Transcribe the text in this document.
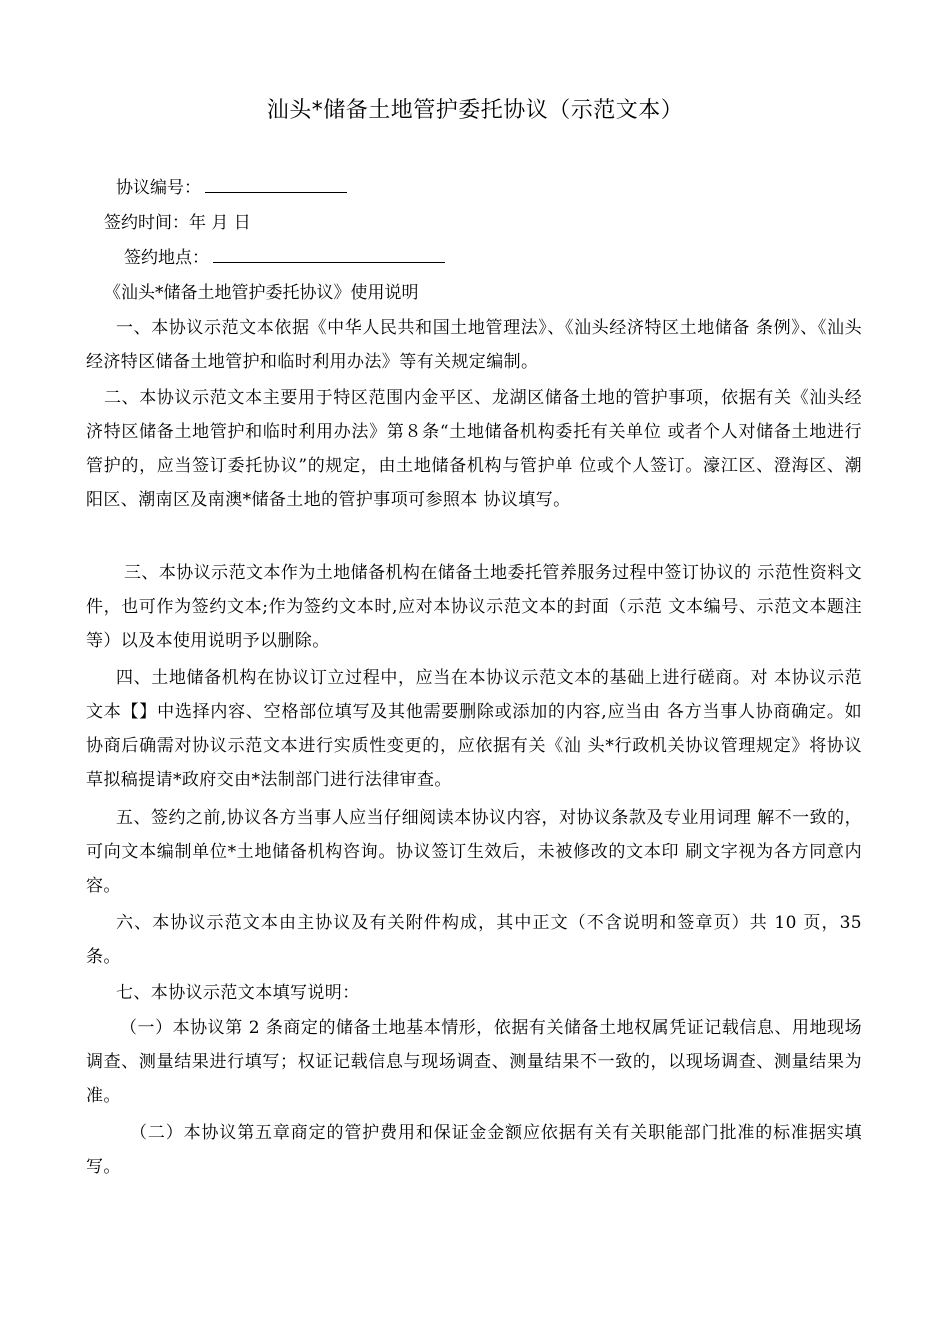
汕头*储备土地管护委托协议（示范文本）
协议编号：
签约时间：年 月 日
签约地点：
《汕头*储备土地管护委托协议》使用说明
一、本协议示范文本依据《中华人民共和国土地管理法》、《汕头经济特区土地储备 条例》、《汕头经济特区储备土地管护和临时利用办法》等有关规定编制。
二、本协议示范文本主要用于特区范围内金平区、龙湖区储备土地的管护事项，依据有关《汕头经济特区储备土地管护和临时利用办法》第８条“土地储备机构委托有关单位 或者个人对储备土地进行管护的，应当签订委托协议”的规定，由土地储备机构与管护单 位或个人签订。濠江区、澄海区、潮阳区、潮南区及南澳*储备土地的管护事项可参照本 协议填写。
三、本协议示范文本作为土地储备机构在储备土地委托管养服务过程中签订协议的 示范性资料文件，也可作为签约文本;作为签约文本时,应对本协议示范文本的封面（示范 文本编号、示范文本题注等）以及本使用说明予以删除。
四、土地储备机构在协议订立过程中，应当在本协议示范文本的基础上进行磋商。对 本协议示范文本【】中选择内容、空格部位填写及其他需要删除或添加的内容,应当由 各方当事人协商确定。如协商后确需对协议示范文本进行实质性变更的，应依据有关《汕 头*行政机关协议管理规定》将协议草拟稿提请*政府交由*法制部门进行法律审查。
五、签约之前,协议各方当事人应当仔细阅读本协议内容，对协议条款及专业用词理 解不一致的，可向文本编制单位*土地储备机构咨询。协议签订生效后，未被修改的文本印 刷文字视为各方同意内容。
六、本协议示范文本由主协议及有关附件构成，其中正文（不含说明和签章页）共 10 页，35 条。
七、本协议示范文本填写说明：
（一）本协议第 2 条商定的储备土地基本情形，依据有关储备土地权属凭证记载信息、用地现场调查、测量结果进行填写；权证记载信息与现场调查、测量结果不一致的，以现场调查、测量结果为准。
（二）本协议第五章商定的管护费用和保证金金额应依据有关有关职能部门批准的标准据实填写。
